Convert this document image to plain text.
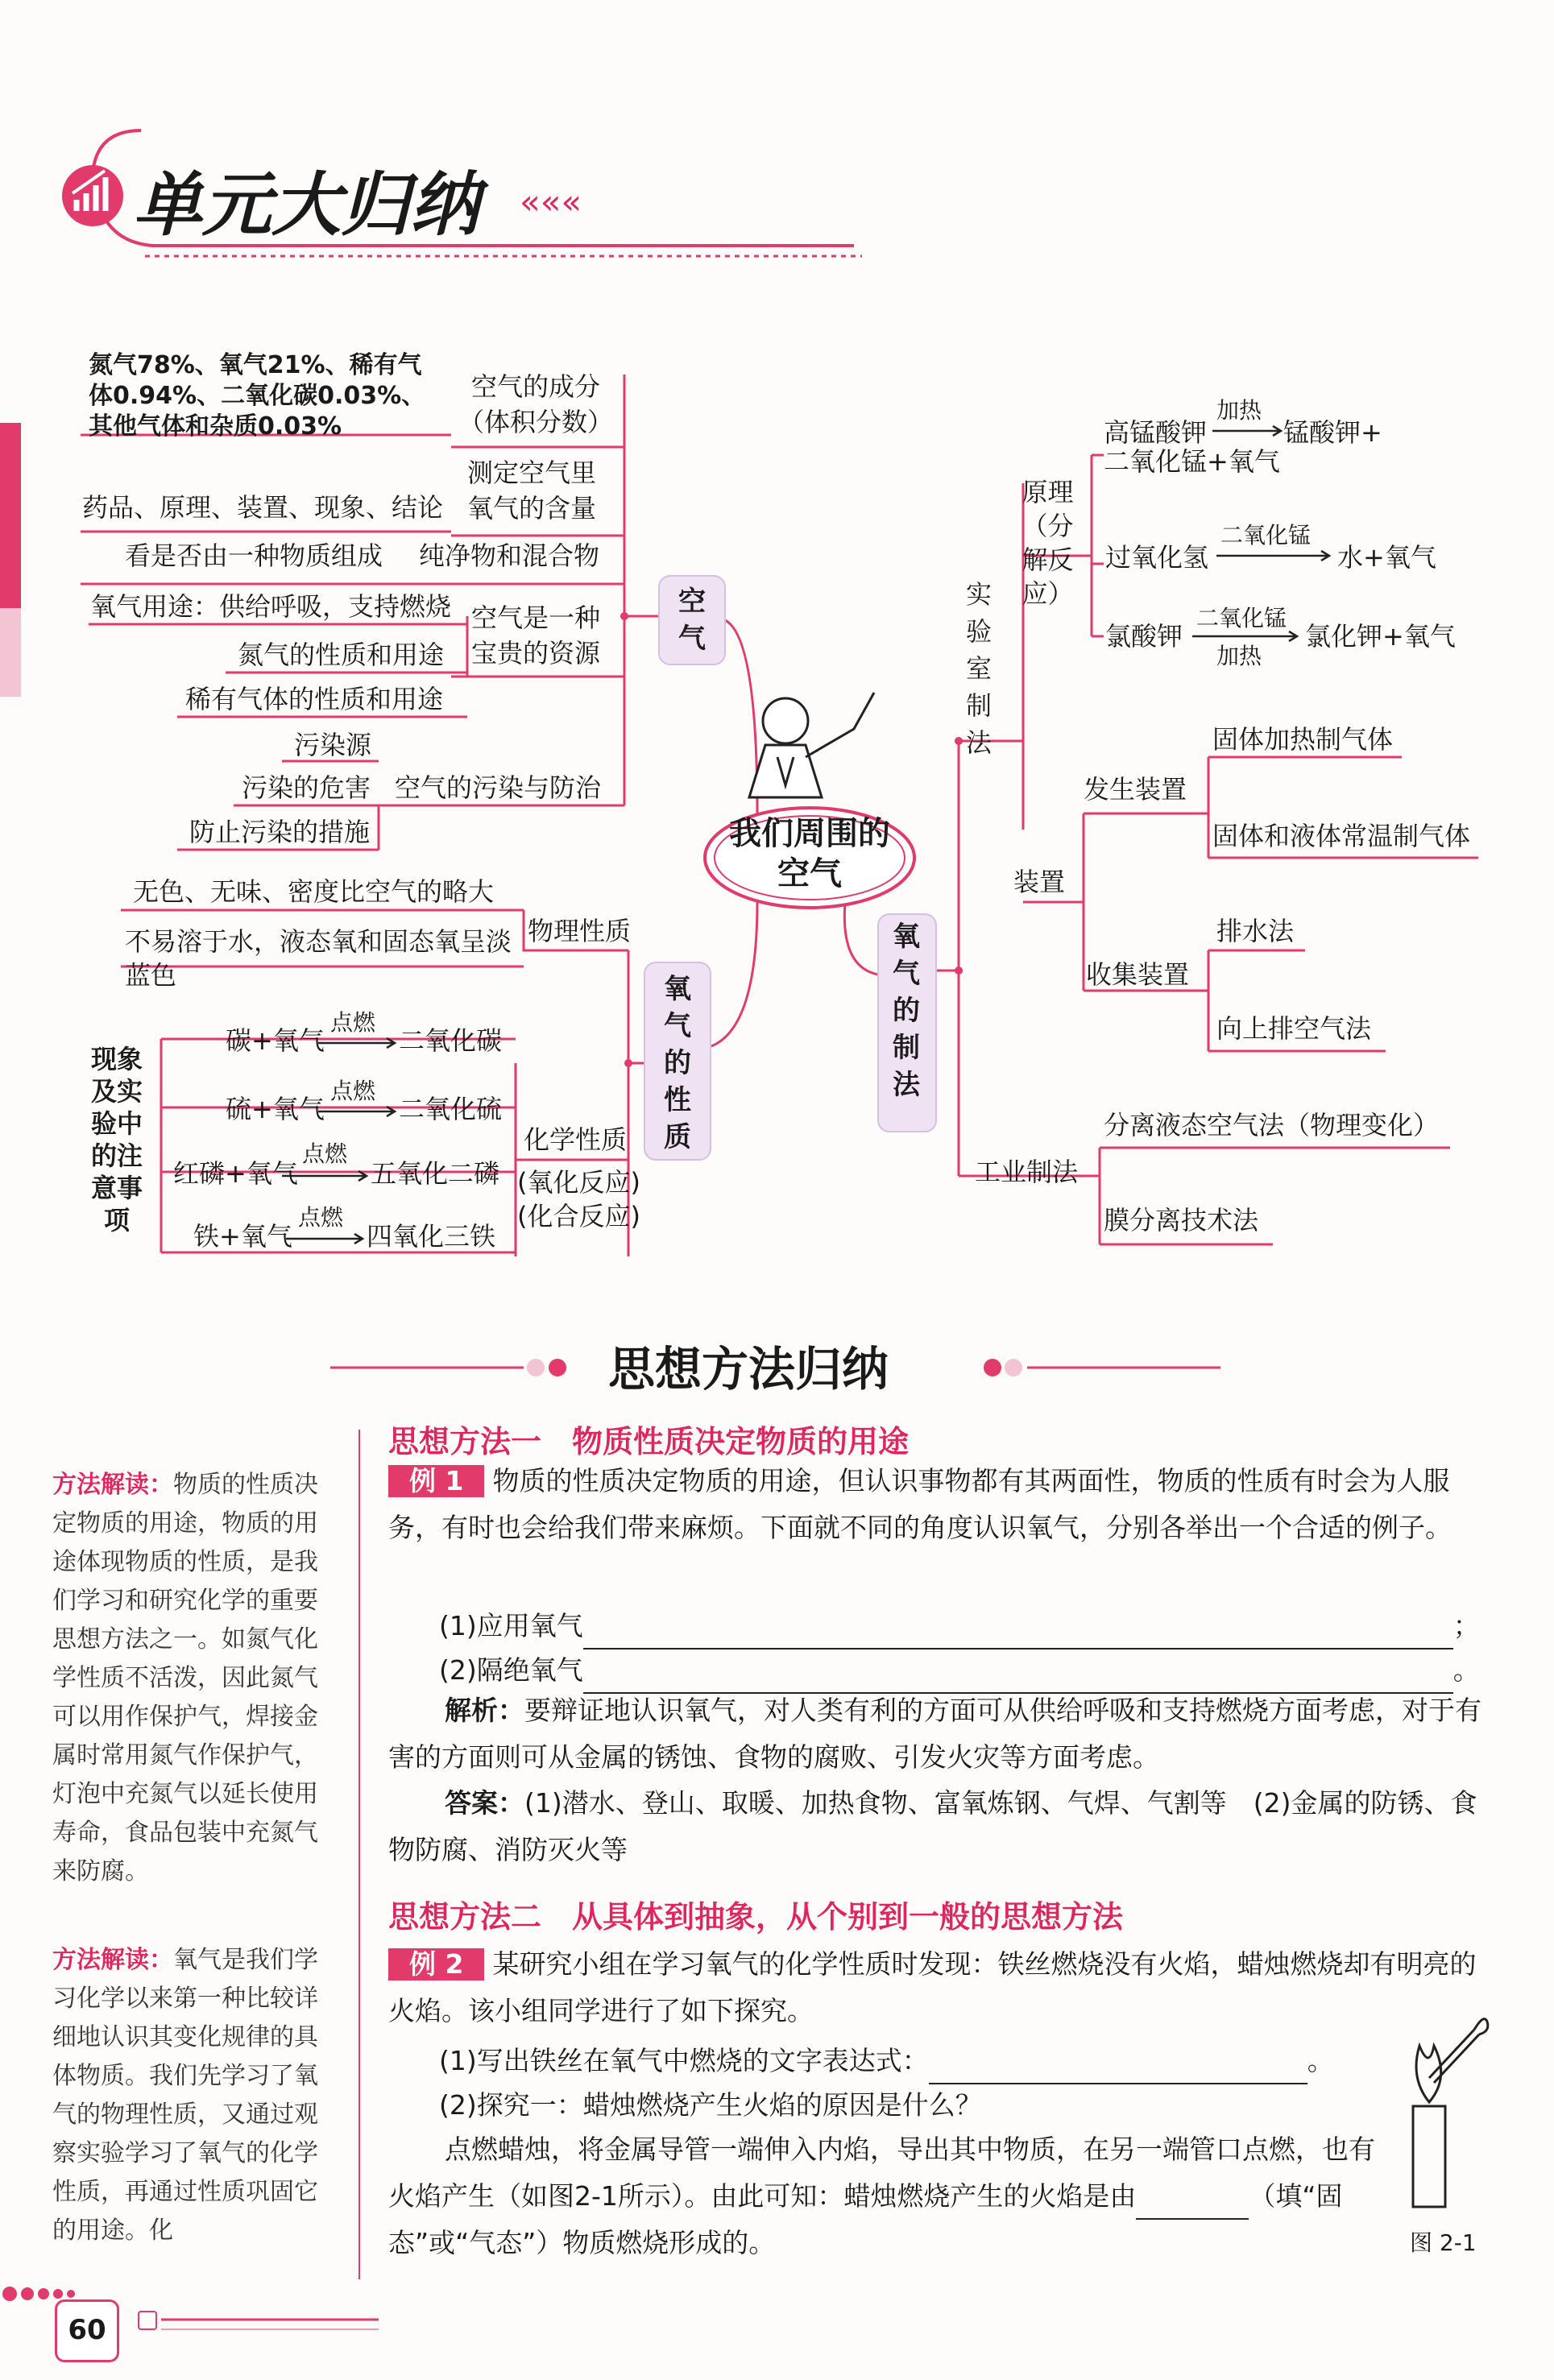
«««
单元大归纳
我们周围的空气
空气
氧气的性质
氧气的制法
氮气78%、氧气21%、稀有气体0.94%、二氧化碳0.03%、其他气体和杂质0.03%
空气的成分（体积分数）
测定空气里氧气的含量
药品、原理、装置、现象、结论
看是否由一种物质组成 纯净物和混合物
氧气用途：供给呼吸，支持燃烧 空气是一种宝贵的资源
氮气的性质和用途
稀有气体的性质和用途
污染源
污染的危害 空气的污染与防治
防止污染的措施
无色、无味、密度比空气的略大
不易溶于水，液态氧和固态氧呈淡蓝色
物理性质
现象及实验中的注意事项
碳+氧气
点燃
二氧化碳
硫+氧气
点燃
二氧化硫
红磷+氧气
点燃
五氧化二磷
铁+氧气
点燃
四氧化三铁
化学性质
(氧化反应)
(化合反应)
实验室制法
原理（分解反应）
高锰酸钾
加热
锰酸钾+
二氧化锰+氧气
过氧化氢
二氧化锰
水+氧气
氯酸钾
二氧化锰
加热
氯化钾+氧气
固体加热制气体
发生装置
固体和液体常温制气体
装置
排水法
收集装置
向上排空气法
分离液态空气法（物理变化）
工业制法
膜分离技术法
思想方法归纳
方法解读：物质的性质决定物质的用途，物质的用途体现物质的性质，是我们学习和研究化学的重要思想方法之一。如氮气化学性质不活泼，因此氮气可以用作保护气，焊接金属时常用氮气作保护气，灯泡中充氮气以延长使用寿命，食品包装中充氮气来防腐。
方法解读：氧气是我们学习化学以来第一种比较详细地认识其变化规律的具体物质。我们先学习了氧气的物理性质，又通过观察实验学习了氧气的化学性质，再通过性质巩固它的用途。化
思想方法一　物质性质决定物质的用途
例 1 物质的性质决定物质的用途，但认识事物都有其两面性，物质的性质有时会为人服务，有时也会给我们带来麻烦。下面就不同的角度认识氧气，分别各举出一个合适的例子。
(1)应用氧气	；
(2)隔绝氧气	。
解析：要辩证地认识氧气，对人类有利的方面可从供给呼吸和支持燃烧方面考虑，对于有害的方面则可从金属的锈蚀、食物的腐败、引发火灾等方面考虑。
答案：(1)潜水、登山、取暖、加热食物、富氧炼钢、气焊、气割等　(2)金属的防锈、食物防腐、消防灭火等
思想方法二　从具体到抽象，从个别到一般的思想方法
例 2 某研究小组在学习氧气的化学性质时发现：铁丝燃烧没有火焰，蜡烛燃烧却有明亮的火焰。该小组同学进行了如下探究。
(1)写出铁丝在氧气中燃烧的文字表达式：	。
(2)探究一：蜡烛燃烧产生火焰的原因是什么？
点燃蜡烛，将金属导管一端伸入内焰，导出其中物质，在另一端管口点燃，也有火焰产生（如图2-1所示）。由此可知：蜡烛燃烧产生的火焰是由	（填“固态”或“气态”）物质燃烧形成的。	图 2-1
60
